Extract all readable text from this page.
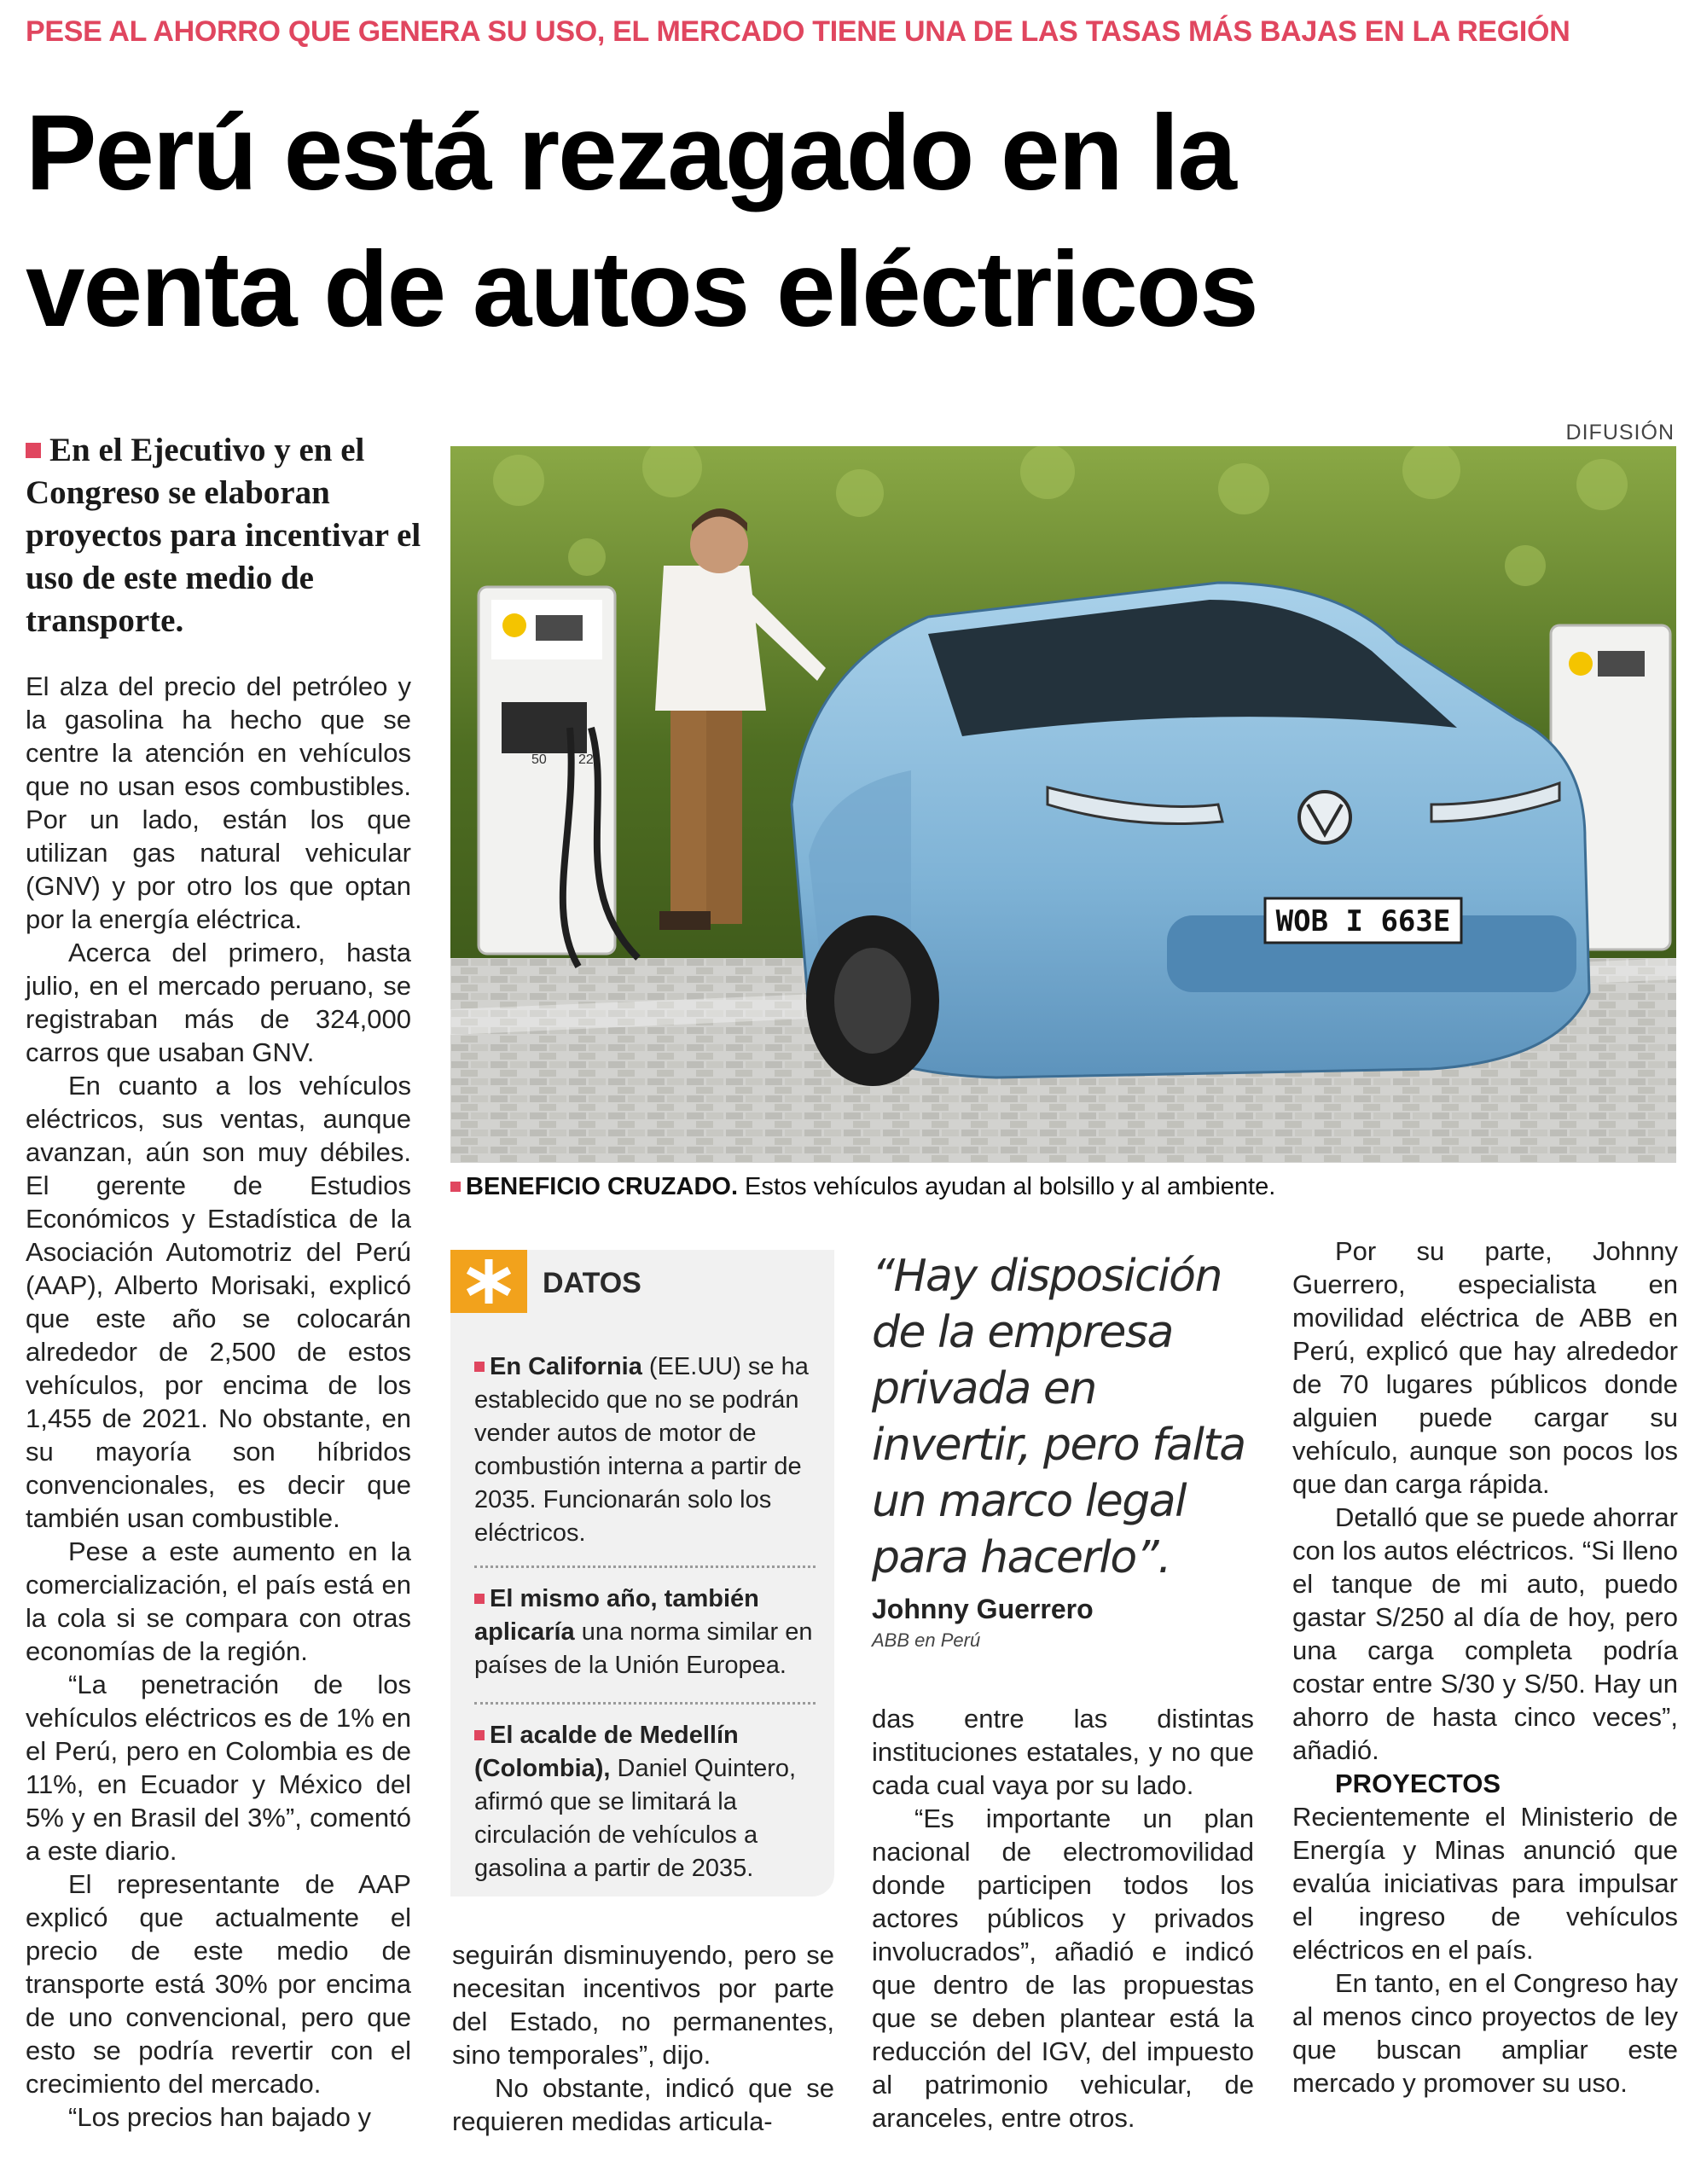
PESE AL AHORRO QUE GENERA SU USO, EL MERCADO TIENE UNA DE LAS TASAS MÁS BAJAS EN LA REGIÓN
Perú está rezagado en la
venta de autos eléctricos

En el Ejecutivo y en el Congreso se elaboran proyectos para incentivar el uso de este medio de transporte.

El alza del precio del petróleo y la gasolina ha hecho que se centre la atención en vehículos que no usan esos combustibles. Por un lado, están los que utilizan gas natural vehicular (GNV) y por otro los que optan por la energía eléctrica.

Acerca del primero, hasta julio, en el mercado peruano, se registraban más de 324,000 carros que usaban GNV.

En cuanto a los vehículos eléctricos, sus ventas, aunque avanzan, aún son muy débiles. El gerente de Estudios Económicos y Estadística de la Asociación Automotriz del Perú (AAP), Alberto Morisaki, explicó que este año se colocarán alrededor de 2,500 de estos vehículos, por encima de los 1,455 de 2021. No obstante, en su mayoría son híbridos convencionales, es decir que también usan combustible.

Pese a este aumento en la comercialización, el país está en la cola si se compara con otras economías de la región.

“La penetración de los vehículos eléctricos es de 1% en el Perú, pero en Colombia es de 11%, en Ecuador y México del 5% y en Brasil del 3%”, comentó a este diario.

El representante de AAP explicó que actualmente el precio de este medio de transporte está 30% por encima de uno convencional, pero que esto se podría revertir con el crecimiento del mercado.

“Los precios han bajado y

DIFUSIÓN
50 22
WOB I 663E
BENEFICIO CRUZADO. Estos vehículos ayudan al bolsillo y al ambiente.
DATOS
En California (EE.UU) se ha establecido que no se podrán vender autos de motor de combustión interna a partir de 2035. Funcionarán solo los eléctricos.
El mismo año, también aplicaría una norma similar en países de la Unión Europea.
El acalde de Medellín (Colombia), Daniel Quintero, afirmó que se limitará la circulación de vehículos a gasolina a partir de 2035.

seguirán disminuyendo, pero se necesitan incentivos por parte del Estado, no permanentes, sino temporales”, dijo.

No obstante, indicó que se requieren medidas articula-

“Hay disposición de la empresa privada en invertir, pero falta un marco legal para hacerlo”.

Johnny Guerrero
ABB en Perú

das entre las distintas instituciones estatales, y no que cada cual vaya por su lado.

“Es importante un plan nacional de electromovilidad donde participen todos los actores públicos y privados involucrados”, añadió e indicó que dentro de las propuestas que se deben plantear está la reducción del IGV, del impuesto al patrimonio vehicular, de aranceles, entre otros.

Por su parte, Johnny Guerrero, especialista en movilidad eléctrica de ABB en Perú, explicó que hay alrededor de 70 lugares públicos donde alguien puede cargar su vehículo, aunque son pocos los que dan carga rápida.

Detalló que se puede ahorrar con los autos eléctricos. “Si lleno el tanque de mi auto, puedo gastar S/250 al día de hoy, pero una carga completa podría costar entre S/30 y S/50. Hay un ahorro de hasta cinco veces”, añadió.

PROYECTOS

Recientemente el Ministerio de Energía y Minas anunció que evalúa iniciativas para impulsar el ingreso de vehículos eléctricos en el país.

En tanto, en el Congreso hay al menos cinco proyectos de ley que buscan ampliar este mercado y promover su uso.
